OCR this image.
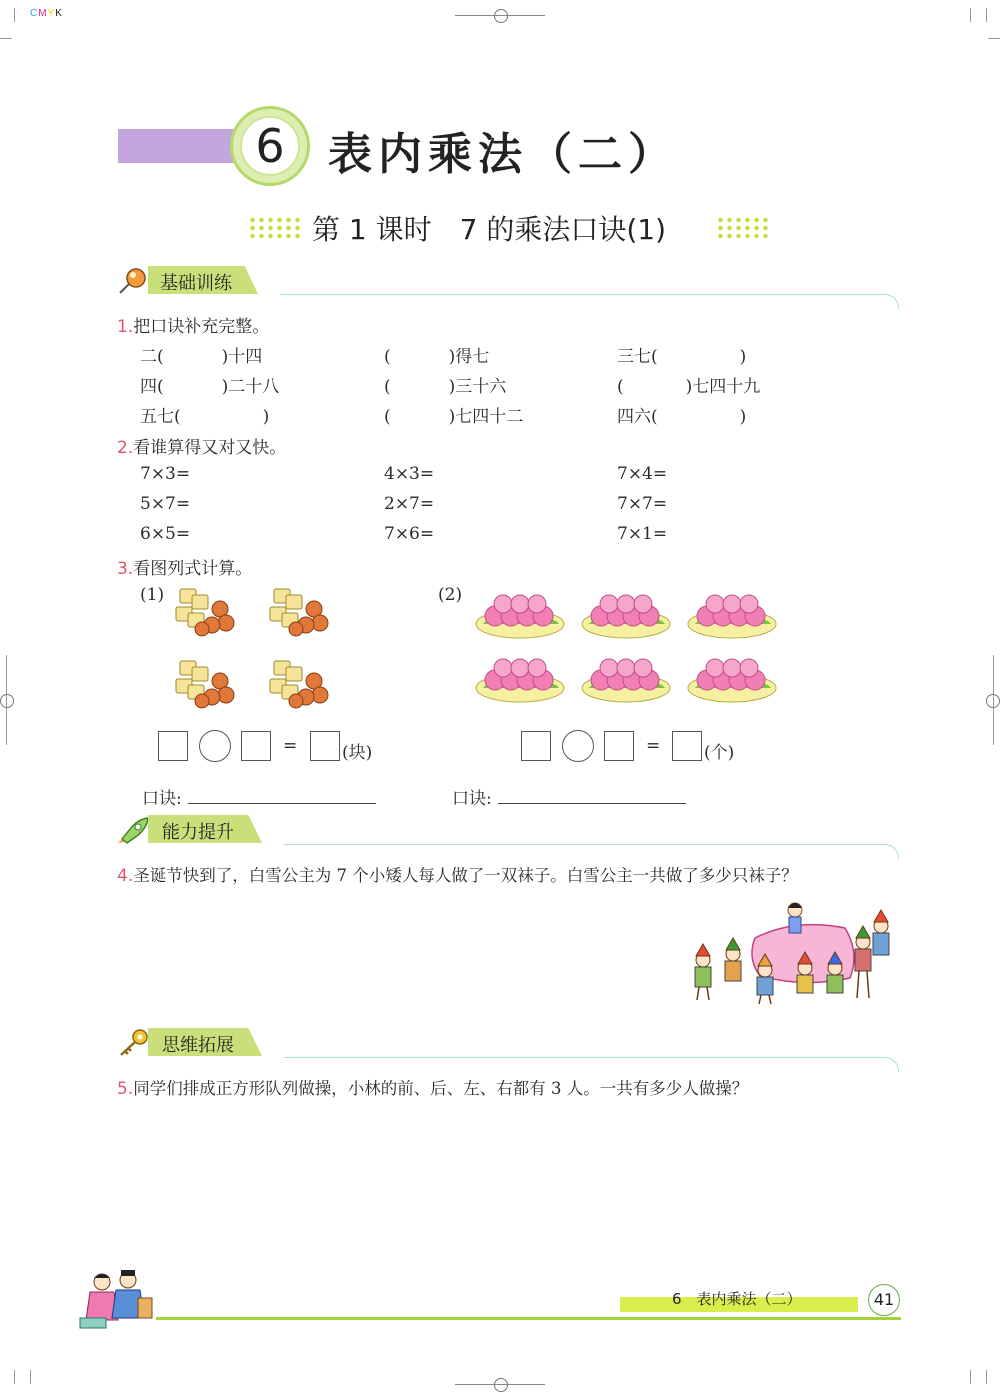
CMYK
6 表内乘法（二）
第 1 课时　7 的乘法口诀(1)
基础训练
1.把口诀补充完整。
二(	)十四	(	)得七	三七(	)
四(	)二十八	(	)三十六	(	)七四十九
五七(	)	(	)七四十二	四六(	)
2.看谁算得又对又快。
7×3=	4×3=	7×4=
5×7=	2×7=	7×7=
6×5=	7×6=	7×1=
3.看图列式计算。
(1)	(2)
=	(块)	=	(个)
口诀:	口诀:
能力提升
4.圣诞节快到了，白雪公主为 7 个小矮人每人做了一双袜子。白雪公主一共做了多少只袜子？
思维拓展
5.同学们排成正方形队列做操，小林的前、后、左、右都有 3 人。一共有多少人做操？
6　表内乘法（二）	41
